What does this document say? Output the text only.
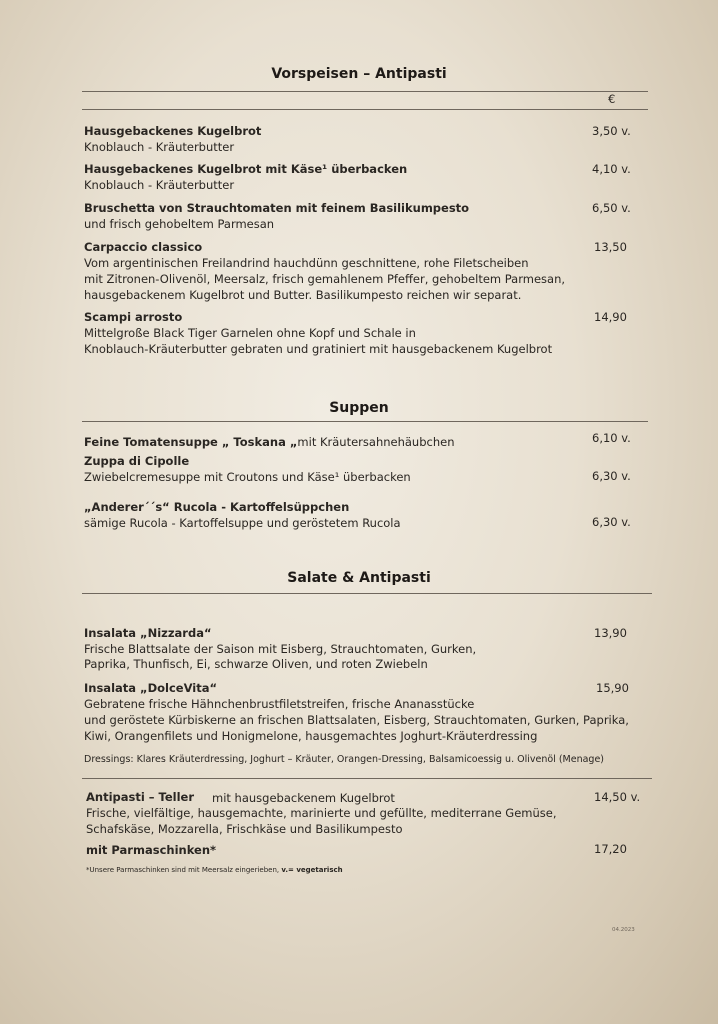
Vorspeisen – Antipasti
€
Hausgebackenes Kugelbrot	3,50 v.
Knoblauch - Kräuterbutter
Hausgebackenes Kugelbrot mit Käse¹ überbacken	4,10 v.
Knoblauch - Kräuterbutter
Bruschetta von Strauchtomaten mit feinem Basilikumpesto	6,50 v.
und frisch gehobeltem Parmesan
Carpaccio classico	13,50
Vom argentinischen Freilandrind hauchdünn geschnittene, rohe Filetscheiben
mit Zitronen-Olivenöl, Meersalz, frisch gemahlenem Pfeffer, gehobeltem Parmesan,
hausgebackenem Kugelbrot und Butter. Basilikumpesto reichen wir separat.
Scampi arrosto	14,90
Mittelgroße Black Tiger Garnelen ohne Kopf und Schale in
Knoblauch-Kräuterbutter gebraten und gratiniert mit hausgebackenem Kugelbrot
Suppen
Feine Tomatensuppe „ Toskana „mit Kräutersahnehäubchen	6,10 v.
Zuppa di Cipolle
Zwiebelcremesuppe mit Croutons und Käse¹ überbacken	6,30 v.
„Anderer´´s“ Rucola - Kartoffelsüppchen
sämige Rucola - Kartoffelsuppe und geröstetem Rucola	6,30 v.
Salate & Antipasti
Insalata „Nizzarda“	13,90
Frische Blattsalate der Saison mit Eisberg, Strauchtomaten, Gurken,
Paprika, Thunfisch, Ei, schwarze Oliven, und roten Zwiebeln
Insalata „DolceVita“	15,90
Gebratene frische Hähnchenbrustfiletstreifen, frische Ananasstücke
und geröstete Kürbiskerne an frischen Blattsalaten, Eisberg, Strauchtomaten, Gurken, Paprika,
Kiwi, Orangenfilets und Honigmelone, hausgemachtes Joghurt-Kräuterdressing
Dressings: Klares Kräuterdressing, Joghurt – Kräuter, Orangen-Dressing, Balsamicoessig u. Olivenöl (Menage)
Antipasti – Teller mit hausgebackenem Kugelbrot	14,50 v.
Frische, vielfältige, hausgemachte, marinierte und gefüllte, mediterrane Gemüse,
Schafskäse, Mozzarella, Frischkäse und Basilikumpesto
mit Parmaschinken*	17,20
*Unsere Parmaschinken sind mit Meersalz eingerieben, v.= vegetarisch
04.2023
